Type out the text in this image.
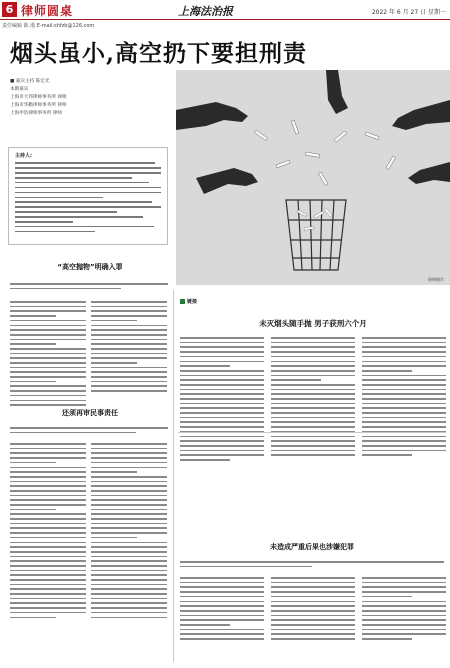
6 律师圆桌	上海法治报	2022 年 6 月 27 日 星期一
责任编辑 陈 淞 E-mail:shfzb@126.com
烟头虽小,高空扔下要担刑责
■ 嘉宾主持 陈宏光
本期嘉宾
上海市大邦律师事务所 律师
上海市华勤律师事务所 律师
上海申浩律师事务所 律师
资料图片
主持人:
“高空抛物”明确入罪
还须再审民事责任
链接
未灭烟头随手抛 男子获刑六个月
未造成严重后果也涉嫌犯罪
